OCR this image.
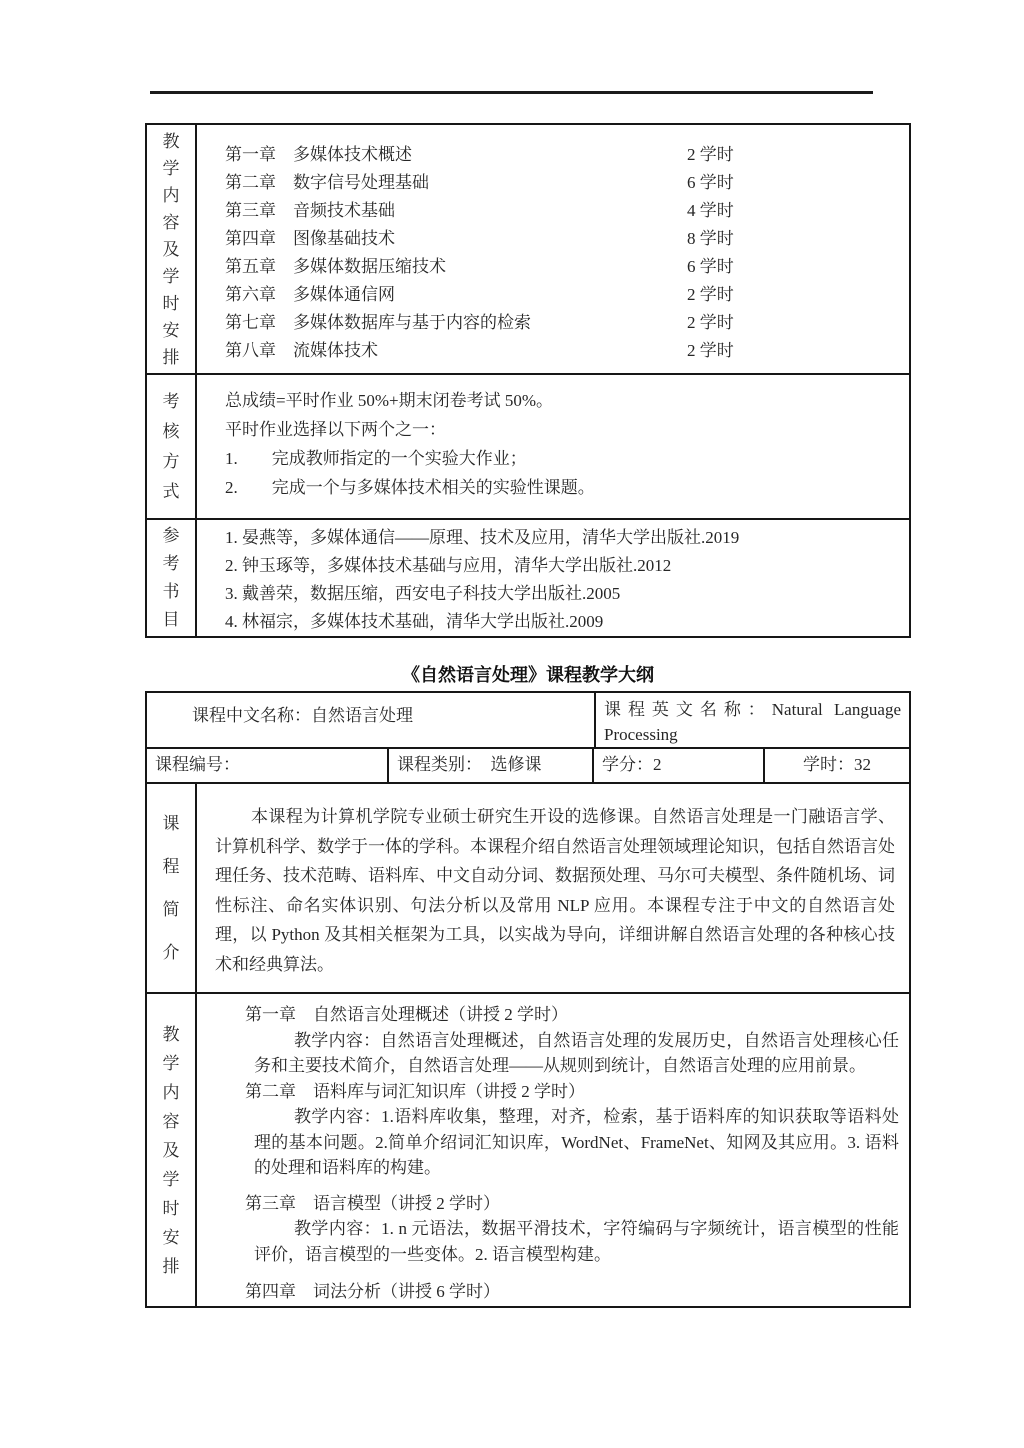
教学内容及学时安排
第一章　多媒体技术概述	2 学时
第二章　数字信号处理基础	6 学时
第三章　音频技术基础	4 学时
第四章　图像基础技术	8 学时
第五章　多媒体数据压缩技术	6 学时
第六章　多媒体通信网	2 学时
第七章　多媒体数据库与基于内容的检索	2 学时
第八章　流媒体技术	2 学时
考核方式
总成绩=平时作业 50%+期末闭卷考试 50%。
平时作业选择以下两个之一：
1.　　完成教师指定的一个实验大作业；
2.　　完成一个与多媒体技术相关的实验性课题。
参考书目
1. 晏燕等，多媒体通信——原理、技术及应用，清华大学出版社.2019
2. 钟玉琢等，多媒体技术基础与应用，清华大学出版社.2012
3. 戴善荣，数据压缩，西安电子科技大学出版社.2005
4. 林福宗，多媒体技术基础，清华大学出版社.2009
《自然语言处理》课程教学大纲
课程中文名称：自然语言处理	课程英文名称：Natural Language Processing
课程编号：	课程类别：　选修课	学分：2	学时：32
课程简介
本课程为计算机学院专业硕士研究生开设的选修课。自然语言处理是一门融语言学、计算机科学、数学于一体的学科。本课程介绍自然语言处理领域理论知识，包括自然语言处理任务、技术范畴、语料库、中文自动分词、数据预处理、马尔可夫模型、条件随机场、词性标注、命名实体识别、句法分析以及常用 NLP 应用。本课程专注于中文的自然语言处理，以 Python 及其相关框架为工具，以实战为导向，详细讲解自然语言处理的各种核心技术和经典算法。
教学内容及学时安排
第一章　自然语言处理概述（讲授 2 学时）
教学内容：自然语言处理概述，自然语言处理的发展历史，自然语言处理核心任务和主要技术简介，自然语言处理——从规则到统计，自然语言处理的应用前景。
第二章　语料库与词汇知识库（讲授 2 学时）
教学内容：1.语料库收集，整理，对齐，检索，基于语料库的知识获取等语料处理的基本问题。2.简单介绍词汇知识库，WordNet、FrameNet、知网及其应用。3. 语料的处理和语料库的构建。
第三章　语言模型（讲授 2 学时）
教学内容：1. n 元语法，数据平滑技术，字符编码与字频统计，语言模型的性能评价，语言模型的一些变体。2. 语言模型构建。
第四章　词法分析（讲授 6 学时）
